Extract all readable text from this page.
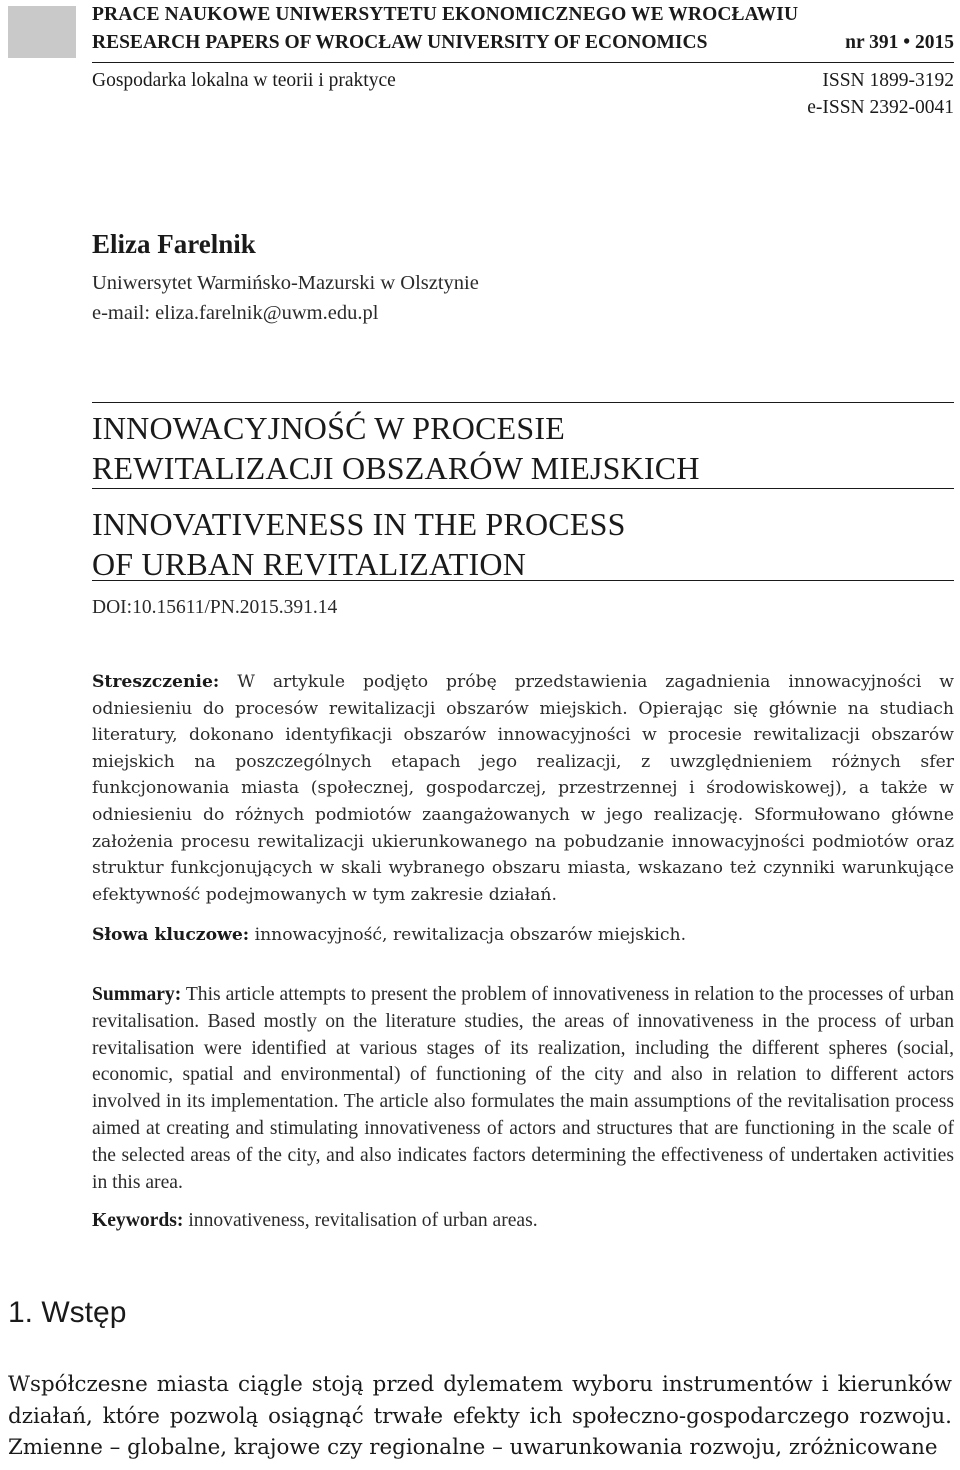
PRACE NAUKOWE UNIWERSYTETU EKONOMICZNEGO WE WROCŁAWIU
RESEARCH PAPERS OF WROCŁAW UNIVERSITY OF ECONOMICS	nr 391 • 2015
Gospodarka lokalna w teorii i praktyce	ISSN 1899-3192
e-ISSN 2392-0041
Eliza Farelnik
Uniwersytet Warmińsko-Mazurski w Olsztynie
e-mail: eliza.farelnik@uwm.edu.pl
INNOWACYJNOŚĆ W PROCESIE
REWITALIZACJI OBSZARÓW MIEJSKICH
INNOVATIVENESS IN THE PROCESS
OF URBAN REVITALIZATION
DOI:10.15611/PN.2015.391.14
Streszczenie: W artykule podjęto próbę przedstawienia zagadnienia innowacyjności w odniesieniu do procesów rewitalizacji obszarów miejskich. Opierając się głównie na studiach literatury, dokonano identyfikacji obszarów innowacyjności w procesie rewitalizacji obszarów miejskich na poszczególnych etapach jego realizacji, z uwzględnieniem różnych sfer funkcjonowania miasta (społecznej, gospodarczej, przestrzennej i środowiskowej), a także w odniesieniu do różnych podmiotów zaangażowanych w jego realizację. Sformułowano główne założenia procesu rewitalizacji ukierunkowanego na pobudzanie innowacyjności podmiotów oraz struktur funkcjonujących w skali wybranego obszaru miasta, wskazano też czynniki warunkujące efektywność podejmowanych w tym zakresie działań.
Słowa kluczowe: innowacyjność, rewitalizacja obszarów miejskich.
Summary: This article attempts to present the problem of innovativeness in relation to the processes of urban revitalisation. Based mostly on the literature studies, the areas of innovativeness in the process of urban revitalisation were identified at various stages of its realization, including the different spheres (social, economic, spatial and environmental) of functioning of the city and also in relation to different actors involved in its implementation. The article also formulates the main assumptions of the revitalisation process aimed at creating and stimulating innovativeness of actors and structures that are functioning in the scale of the selected areas of the city, and also indicates factors determining the effectiveness of undertaken activities in this area.
Keywords: innovativeness, revitalisation of urban areas.
1. Wstęp
Współczesne miasta ciągle stoją przed dylematem wyboru instrumentów i kierunków działań, które pozwolą osiągnąć trwałe efekty ich społeczno-gospodarczego rozwoju. Zmienne – globalne, krajowe czy regionalne – uwarunkowania rozwoju, zróżnicowane
